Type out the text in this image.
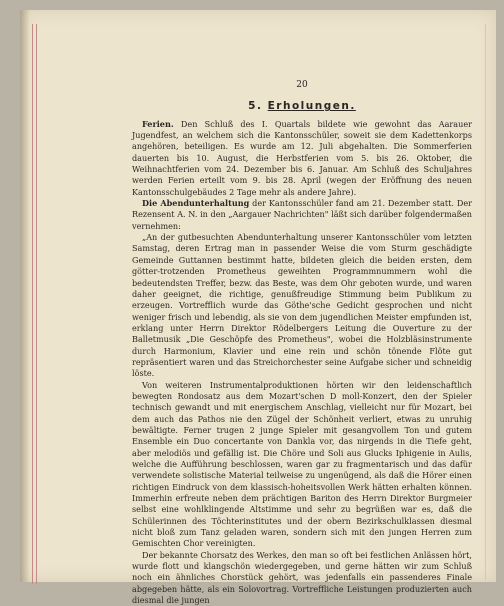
20
5. Erholungen.

Ferien. Den Schluß des I. Quartals bildete wie gewohnt das Aarauer Jugendfest, an welchem sich die Kantonsschüler, soweit sie dem Kadettenkorps angehören, beteiligen. Es wurde am 12. Juli abgehalten. Die Sommerferien dauerten bis 10. August, die Herbstferien vom 5. bis 26. Oktober, die Weihnachtferien vom 24. Dezember bis 6. Januar. Am Schluß des Schuljahres werden Ferien erteilt vom 9. bis 28. April (wegen der Eröffnung des neuen Kantonsschulgebäudes 2 Tage mehr als andere Jahre).

Die Abendunterhaltung der Kantonsschüler fand am 21. Dezember statt. Der Rezensent A. N. in den „Aargauer Nachrichten" läßt sich darüber folgendermaßen vernehmen:

„An der gutbesuchten Abendunterhaltung unserer Kantonsschüler vom letzten Samstag, deren Ertrag man in passender Weise die vom Sturm geschädigte Gemeinde Guttannen bestimmt hatte, bildeten gleich die beiden ersten, dem götter-trotzenden Prometheus geweihten Programmnummern wohl die bedeutendsten Treffer, bezw. das Beste, was dem Ohr geboten wurde, und waren daher geeignet, die richtige, genußfreudige Stimmung beim Publikum zu erzeugen. Vortrefflich wurde das Göthe'sche Gedicht gesprochen und nicht weniger frisch und lebendig, als sie von dem jugendlichen Meister empfunden ist, erklang unter Herrn Direktor Rödelbergers Leitung die Ouverture zu der Balletmusik „Die Geschöpfe des Prometheus", wobei die Holzbläsinstrumente durch Harmonium, Klavier und eine rein und schön tönende Flöte gut repräsentiert waren und das Streichorchester seine Aufgabe sicher und schneidig löste.

Von weiteren Instrumentalproduktionen hörten wir den leidenschaftlich bewegten Rondosatz aus dem Mozart'schen D moll-Konzert, den der Spieler technisch gewandt und mit energischem Anschlag, vielleicht nur für Mozart, bei dem auch das Pathos nie den Zügel der Schönheit verliert, etwas zu unruhig bewältigte. Ferner trugen 2 junge Spieler mit gesangvollem Ton und gutem Ensemble ein Duo concertante von Dankla vor, das nirgends in die Tiefe geht, aber melodiös und gefällig ist. Die Chöre und Soli aus Glucks Iphigenie in Aulis, welche die Aufführung beschlossen, waren gar zu fragmentarisch und das dafür verwendete solistische Material teilweise zu ungenügend, als daß die Hörer einen richtigen Eindruck von dem klassisch-hoheitsvollen Werk hätten erhalten können. Immerhin erfreute neben dem prächtigen Bariton des Herrn Direktor Burgmeier selbst eine wohlklingende Altstimme und sehr zu begrüßen war es, daß die Schülerinnen des Töchterinstitutes und der obern Bezirkschulklassen diesmal nicht bloß zum Tanz geladen waren, sondern sich mit den jungen Herren zum Gemischten Chor vereinigten.

Der bekannte Chorsatz des Werkes, den man so oft bei festlichen Anlässen hört, wurde flott und klangschön wiedergegeben, und gerne hätten wir zum Schluß noch ein ähnliches Chorstück gehört, was jedenfalls ein passenderes Finale abgegeben hätte, als ein Solovortrag. Vortreffliche Leistungen produzierten auch diesmal die jungen
